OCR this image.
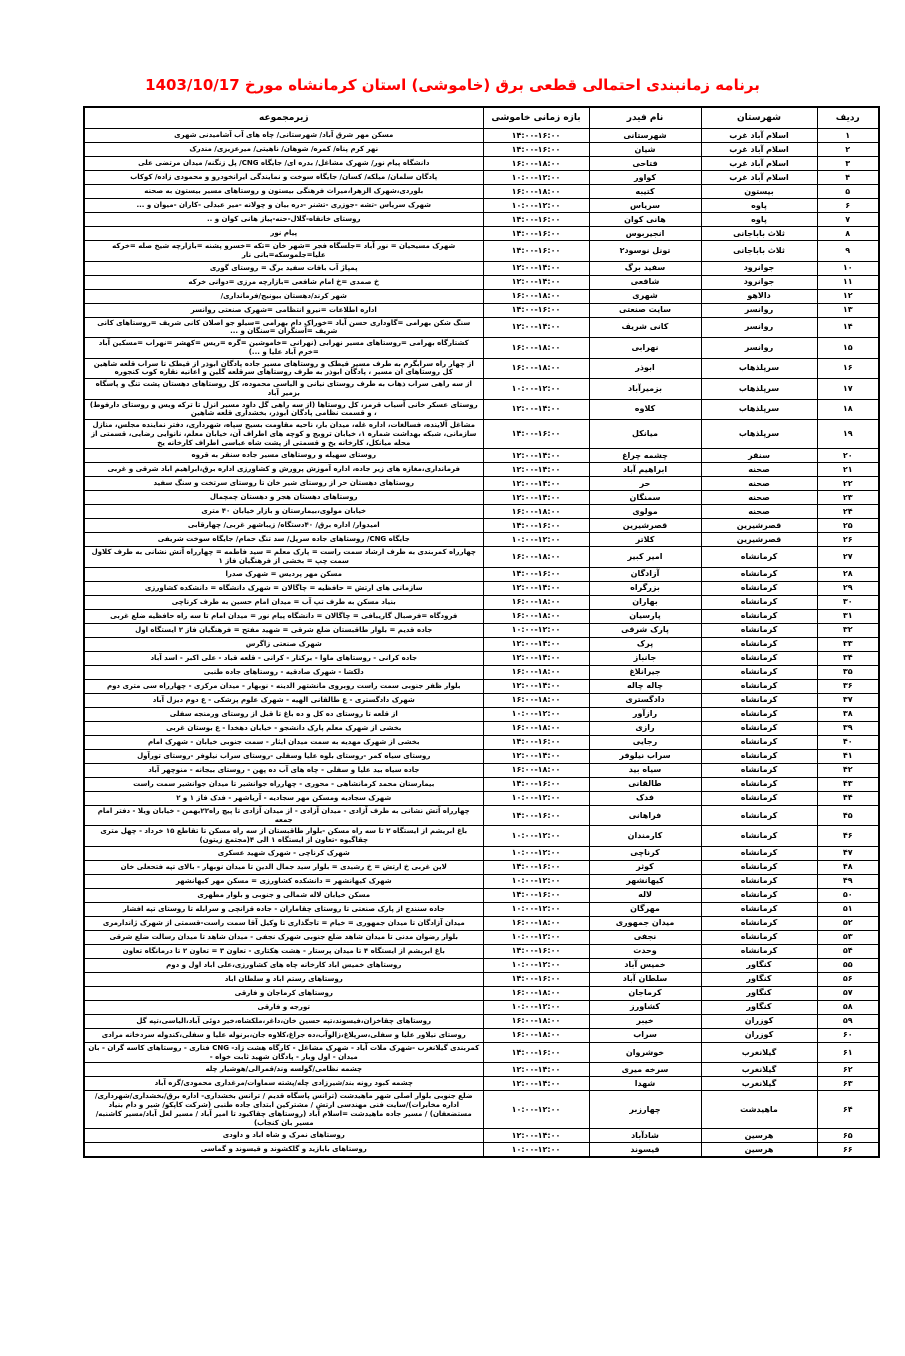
برنامه زمانبندی احتمالی قطعی برق (خاموشی) استان کرمانشاه مورخ 1403/10/17
ردیف	شهرستان	نام فیدر	بازه زمانی خاموشی	زیرمجموعه
۱	اسلام آباد غرب	شهرستانی	۱۴:۰۰-۱۶:۰۰	مسکن مهر شرق آباد/ شهرستانی/ چاه های آب آشامیدنی شهری
۲	اسلام آباد غرب	شیان	۱۴:۰۰-۱۶:۰۰	نهر کرم پناه/ کمره/ شوهان/ ناهیتی/ میرعزیزی/ مندرک
۳	اسلام آباد غرب	فتاحی	۱۶:۰۰-۱۸:۰۰	دانشگاه پیام نور/ شهرک مشاغل/ بدره ای/ جایگاه CNG/ پل زنگنه/ میدان مرتضی علی
۴	اسلام آباد غرب	کواور	۱۰:۰۰-۱۲:۰۰	پادگان سلمان/ میلکه/ کسان/ جایگاه سوخت و نمایندگی ایرانخودرو و محمودی زاده/ کوکاب
۵	بیستون	کتیبه	۱۶:۰۰-۱۸:۰۰	بلوردی،شهرک الزهرا،میراث فرهنگی بیستون و روستاهای مسیر بیستون به صحنه
۶	پاوه	سریاس	۱۰:۰۰-۱۲:۰۰	شهرک سریاس -تشه -جوزری -تشنر -دره بیان و چولانه -میر عبدلی -کاران -میوان و ...
۷	پاوه	هانی کوان	۱۴:۰۰-۱۶:۰۰	روستای خانقاه-گلال-حنه-پیاز هانی کوان و ..
۸	ثلاث باباجانی	انجیربوس	۱۴:۰۰-۱۶:۰۰	پیام نور
۹	ثلاث باباجانی	تونل نوسود۲	۱۴:۰۰-۱۶:۰۰	شهرک مسیحیان = نور آباد =جلسگاه فجر =شهر خان =تکه =خسرو پشنه =بازارچه شیخ صله =خرکه علیا=جلموسکه=بانی نار
۱۰	جوانرود	سفید برگ	۱۲:۰۰-۱۴:۰۰	پمپاژ آب بافات سفید برگ = روستای گوری
۱۱	جوانرود	شافعی	۱۲:۰۰-۱۴:۰۰	خ صمدی =خ امام شافعی =بازارچه مرزی =دوانی خرکه
۱۲	دالاهو	شهری	۱۶:۰۰-۱۸:۰۰	شهر کرند/دهستان بیونیج/فرمانداری/
۱۳	روانسر	سایت صنعتی	۱۴:۰۰-۱۶:۰۰	اداره اطلاعات =نیرو انتظامی =شهرک صنعتی روانسر
۱۴	روانسر	کانی شریف	۱۲:۰۰-۱۴:۰۰	سنگ شکن بهرامی =گاوداری حسن آباد =خوراک دام بهرامی =سیلو جو اصلان کانی شریف =روستاهای کانی شریف =آسنگران =سنگان و ...
۱۵	روانسر	نهرابی	۱۶:۰۰-۱۸:۰۰	کشتارگاه بهرامی =روستاهای مسیر نهرابی (نهرانی =خاموشین =گره =ریس =کهشر =نهراب =مسکین آباد =خرم آباد علیا و ...)
۱۶	سرپلذهاب	ابوذر	۱۶:۰۰-۱۸:۰۰	از چهار راه سرابگرم به طرف مسیر قیطک و روستاهای مسیر جاده پادگان ابوذر از قیطک تا سراب قلعه شاهین کل روستاهای ان مسیر ، پادگان ابوذر به طرف روستاهای سرقلعه گلین و اعانیه نقاره کوب کنجوره
۱۷	سرپلذهاب	بزمیرآباد	۱۰:۰۰-۱۲:۰۰	از سه راهی سراب ذهاب به طرف روستای نیانی و الیاسی محموده، کل روستاهای دهستان پشت تنگ و پاسگاه بزمیر آباد
۱۸	سرپلذهاب	کلاوه	۱۲:۰۰-۱۴:۰۰	روستای عسکر خانی آسیاب قرمز، کل روستاها (از سه راهی گل داود مسیر انزل تا ترکه ویس و روستای دارفوط) ، و قسمت نظامی پادگان ابوذر، بخشداری قلعه شاهین
۱۹	سرپلذهاب	میانکل	۱۴:۰۰-۱۶:۰۰	مشاغل آلاینده، فسالغات، اداره غله، میدان بار، ناحیه مقاومت بسیج سپاه، شهرداری، دفتر نماینده مجلس، منازل سازمانی، شبکه بهداشت شماره ۱، خیابان ترویج و کوچه های اطراف آن، خیابان معلم، نانوایی رضایی، قسمتی از محله میانکل، کارخانه یخ و قسمتی از پشت شاه عباسی اطراف کارخانه یخ
۲۰	سنقر	چشمه چراغ	۱۲:۰۰-۱۴:۰۰	روستای سهیله و روستاهای مسیر جاده سنقر به قروه
۲۱	صحنه	ابراهیم آباد	۱۲:۰۰-۱۴:۰۰	فرمانداری،مغازه های زیر جاده، اداره آموزش پرورش و کشاورزی اداره برق،ابراهیم اباد شرقی و غربی
۲۲	صحنه	حر	۱۲:۰۰-۱۴:۰۰	روستاهای دهستان حر از روستای شیر خان تا روستای سرتخت و سنگ سفید
۲۳	صحنه	سمنگان	۱۲:۰۰-۱۴:۰۰	روستاهای دهستان هجر و دهستان چمچمال
۲۴	صحنه	مولوی	۱۶:۰۰-۱۸:۰۰	خیابان مولوی،بیمارستان و بازار خیابان ۴۰ متری
۲۵	قصرشیرین	قصرشیرین	۱۴:۰۰-۱۶:۰۰	امیدوار/ اداره برق/ ۴۰دستگاه/ زیباشهر غربی/ چهارقابی
۲۶	قصرشیرین	کلاتر	۱۰:۰۰-۱۲:۰۰	جایگاه CNG/ روستاهای جاده سرپل/ سد تنگ حمام/ جایگاه سوخت شریفی
۲۷	کرمانشاه	امیر کبیر	۱۶:۰۰-۱۸:۰۰	چهارراه کمربندی به طرف ارشاد سمت راست = پارک معلم = سید فاطمه = چهارراه آتش نشانی به طرف کلاول سمت چپ = بخشی از فرهنگیان فاز ۱
۲۸	کرمانشاه	آزادگان	۱۴:۰۰-۱۶:۰۰	مسکن مهر پردیس = شهرک صدرا
۲۹	کرمانشاه	بزرگراه	۱۲:۰۰-۱۴:۰۰	سازمانی های ارتش = حافظیه = چاگالان = شهرک دانشگاه = دانشکده کشاورزی
۳۰	کرمانشاه	بهاران	۱۶:۰۰-۱۸:۰۰	بنیاد مسکن به طرف تپ آب = میدان امام حسین به طرف کرناچی
۳۱	کرمانشاه	پارسیان	۱۶:۰۰-۱۸:۰۰	فرودگاه =فرصبال گاریبافی = چاگالان = دانشگاه پیام نور = میدان امام تا سه راه حافظیه ضلع غربی
۳۲	کرمانشاه	پارک شرقی	۱۰:۰۰-۱۲:۰۰	جاده قدیم = بلوار طاقبستان ضلع شرقی = شهید مفتح = فرهنگیان فاز ۲ ایستگاه اول
۳۳	کرمانشاه	پرک	۱۲:۰۰-۱۴:۰۰	شهرک صنعتی زاگرس
۳۴	کرمانشاه	جانباز	۱۲:۰۰-۱۴:۰۰	جاده کرانی - روستاهای ماوا - برکنار - کرانی - قلعه قباد - علی اکبر - اسد آباد
۳۵	کرمانشاه	جیرانلاغ	۱۶:۰۰-۱۸:۰۰	دلکشا - شهرک صادقیه - روستاهای جاده طنبی
۳۶	کرمانشاه	چاله چاله	۱۲:۰۰-۱۴:۰۰	بلوار ظفر جنوبی سمت راست روبروی مانشتهر الدینه - نوبهار - میدان مرکزی - چهارراه سی متری دوم
۳۷	کرمانشاه	دادگستری	۱۶:۰۰-۱۸:۰۰	شهرک دادگستری - ع طالقانی الهیه - شهرک علوم پزشکی - ع دوم دیزل آباد
۳۸	کرمانشاه	رازآور	۱۰:۰۰-۱۲:۰۰	از قلعه تا روستای ده کل و ده باغ تا قبل از روستای ورمنجه سفلی
۳۹	کرمانشاه	رازی	۱۶:۰۰-۱۸:۰۰	بخشی از شهرک معلم پارک دانشجو - خیابان دهخدا - ع بوستان غربی
۴۰	کرمانشاه	رجایی	۱۴:۰۰-۱۶:۰۰	بخشی از شهرک مهدیه به سمت میدان ایثار - سمت جنوبی خیابان - شهرک امام
۴۱	کرمانشاه	سراب نیلوفر	۱۲:۰۰-۱۴:۰۰	روستای سیاه کمر -روستای بلوه علیا وسفلی -روستای سراب نیلوفر -روستای تورآول
۴۲	کرمانشاه	سیاه بید	۱۶:۰۰-۱۸:۰۰	جاده سیاه بید علیا و سفلی - چاه های آب ده پهن - روستای بیجانه - منوچهر آباد
۴۳	کرمانشاه	طالقانی	۱۴:۰۰-۱۶:۰۰	بیمارستان محمد کرمانشاهی - محوری - چهارراه جوانشیر تا میدان جوانشیر سمت راست
۴۴	کرمانشاه	فدک	۱۰:۰۰-۱۲:۰۰	شهرک سجادیه ومسکن مهر سجادیه - آریاشهر - فدک فاز ۱ و ۲
۴۵	کرمانشاه	فراهانی	۱۴:۰۰-۱۶:۰۰	چهارراه آتش نشانی به طرف آزادی - میدان آزادی - از میدان آزادی تا پیچ راه۲۲بهمن - خیابان ویلا - دفتر امام جمعه
۴۶	کرمانشاه	کارمندان	۱۰:۰۰-۱۲:۰۰	باغ ابریشم از ایستگاه ۲ تا سه راه مسکن -بلوار طاقبستان از سه راه مسکن تا تقاطع ۱۵ خرداد - چهل متری چقاگیوه -تعاون از ایستگاه ۱ الی ۴(مجتمع زیتون)
۴۷	کرمانشاه	کرناچی	۱۰:۰۰-۱۲:۰۰	شهرک کرناچی - شهرک شهید عسکری
۴۸	کرمانشاه	کوثر	۱۴:۰۰-۱۶:۰۰	لاین غربی خ ارتش = خ رشیدی = بلوار سید جمال الدین تا میدان نوبهار - بالای تپه فتحعلی خان
۴۹	کرمانشاه	کیهانشهر	۱۰:۰۰-۱۲:۰۰	شهرک کیهانشهر = دانشکده کشاورزی = مسکن مهر کیهانشهر
۵۰	کرمانشاه	لاله	۱۴:۰۰-۱۶:۰۰	مسکن خیابان لاله شمالی و جنوبی و بلوار مطهری
۵۱	کرمانشاه	مهرگان	۱۰:۰۰-۱۲:۰۰	جاده سنندج از پارک صنعتی تا روستای چقاماران - جاده قزانچی و سرابله تا روستای تپه افشار
۵۲	کرمانشاه	میدان جمهوری	۱۶:۰۰-۱۸:۰۰	میدان آزادگان تا میدان جمهوری = خیام = تاجگذاری تا وکیل آقا سمت راست-قسمتی از شهرک ژاندارمری
۵۳	کرمانشاه	نجفی	۱۰:۰۰-۱۲:۰۰	بلوار رضوان مدنی تا میدان شاهد ضلع جنوبی شهرک نجفی - میدان شاهد تا میدان رسالت ضلع شرقی
۵۴	کرمانشاه	وحدت	۱۴:۰۰-۱۶:۰۰	باغ ابریشم از ایستگاه ۴ تا میدان پرستار - هشت هکتاری - تعاون ۳ = تعاون ۲ تا درمانگاه تعاون
۵۵	کنگاور	خمیس آباد	۱۰:۰۰-۱۲:۰۰	روستاهای خمیس اباد کارخانه چاه های کشاورزی،علی اباد اول و دوم
۵۶	کنگاور	سلطان آباد	۱۴:۰۰-۱۶:۰۰	روستاهای رستم اباد و سلطان اباد
۵۷	کنگاور	کرماجان	۱۶:۰۰-۱۸:۰۰	روستاهای کرماجان و فارقی
۵۸	کنگاور	کشاورز	۱۰:۰۰-۱۲:۰۰	تورجه و فارقی
۵۹	کوزران	خیبر	۱۶:۰۰-۱۸:۰۰	روستاهای چقاخزان،فیسوند،تپه حسین خان،داغر،ملکشاه،خیر دوئی آباد،الیاسی،تپه گل
۶۰	کوزران	سراب	۱۶:۰۰-۱۸:۰۰	روستای نیلاور علیا و سفلی،سرپلاغ،زالوآب،ده جراغ،کلاوه جان،برنوله علیا و سفلی،کندوله سردخانه مرادی
۶۱	گیلانغرب	خوشروان	۱۴:۰۰-۱۶:۰۰	کمربندی گیلانغرب -شهرک ملات آباد - شهرک مشاغل - کارگاه هشت زاد- CNG فناری - روستاهای کاسه گران - بان میدان - اول ویار - پادگان شهید ثابت خواه -
۶۲	گیلانغرب	سرخه میری	۱۲:۰۰-۱۴:۰۰	چشمه نظامی/گولسه وند/قمرالی/هوشیار چله
۶۳	گیلانغرب	شهدا	۱۲:۰۰-۱۴:۰۰	چشمه کبود رونه بند/شیرزادی چله/پشته سماوات/مرغداری محمودی/گزه آباد
۶۴	ماهیدشت	چهارزبر	۱۰:۰۰-۱۲:۰۰	ضلع جنوبی بلوار اصلی شهر ماهیدشت (ترانس پاسگاه قدیم / ترانس بخشداری- اداره برق/بخشداری/شهرداری/اداره مخابرات)/سایت فنی مهندسی ارتش / مشترکین ابتدای جاده طنبی (شرکت کاپکو/ شیر و دام بنیاد مستضعفان) / مسیر جاده ماهیدشت =اسلام آباد (روستاهای چقاکبود تا امیر آباد / مسیر لعل آباد/مسیر کاشنبه/مسیر بان کنجاب)
۶۵	هرسین	شادآباد	۱۲:۰۰-۱۴:۰۰	روستاهای نمرک و شاه اباد و داودی
۶۶	هرسین	قیسوند	۱۰:۰۰-۱۲:۰۰	روستاهای بابازید و گلکشوند و قیسوند و گماسی
